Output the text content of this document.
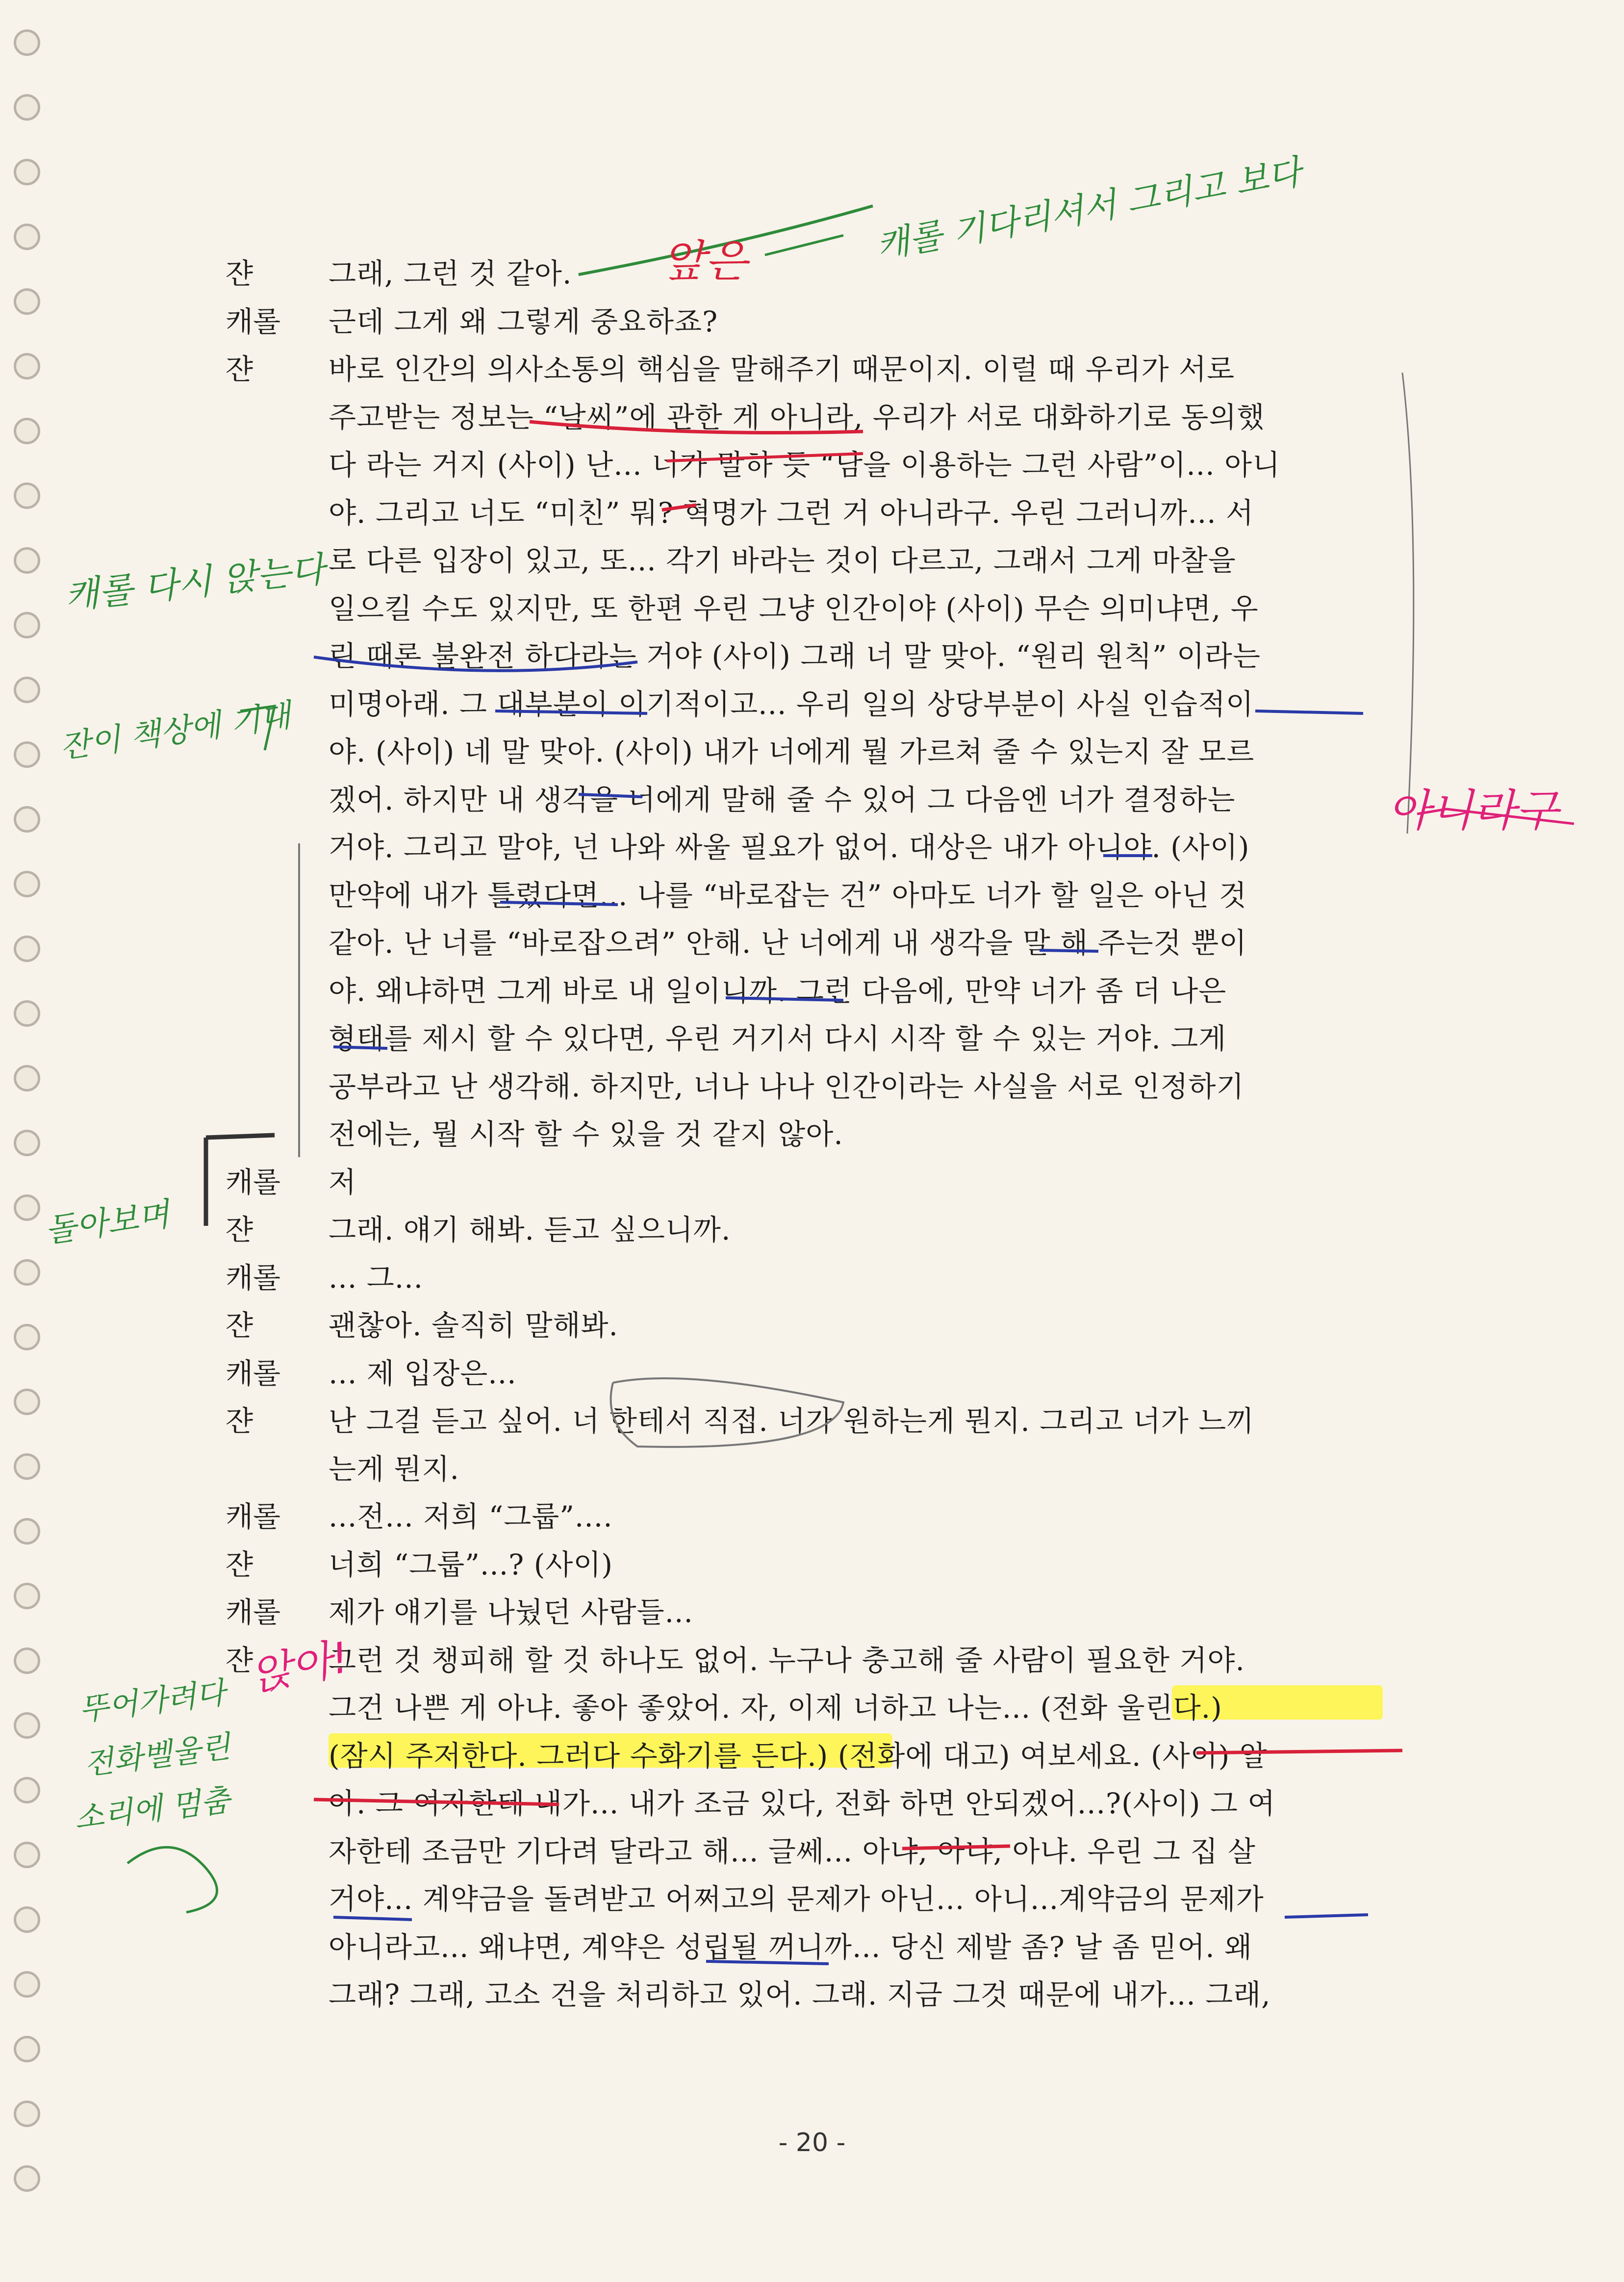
쟌	그래, 그런 것 같아.
캐롤	근데 그게 왜 그렇게 중요하죠?
쟌	바로 인간의 의사소통의 핵심을 말해주기 때문이지. 이럴 때 우리가 서로
주고받는 정보는 “날씨”에 관한 게 아니라, 우리가 서로 대화하기로 동의했
다 라는 거지 (사이) 난... 너가 말하 듯 “남을 이용하는 그런 사람”이... 아니
야. 그리고 너도 “미친” 뭐? 혁명가 그런 거 아니라구. 우린 그러니까... 서
로 다른 입장이 있고, 또... 각기 바라는 것이 다르고, 그래서 그게 마찰을
일으킬 수도 있지만, 또 한편 우린 그냥 인간이야 (사이) 무슨 의미냐면, 우
린 때론 불완전 하다라는 거야 (사이) 그래 너 말 맞아. “원리 원칙” 이라는
미명아래. 그 대부분이 이기적이고... 우리 일의 상당부분이 사실 인습적이
야. (사이) 네 말 맞아. (사이) 내가 너에게 뭘 가르쳐 줄 수 있는지 잘 모르
겠어. 하지만 내 생각을 너에게 말해 줄 수 있어 그 다음엔 너가 결정하는
거야. 그리고 말야, 넌 나와 싸울 필요가 없어. 대상은 내가 아니야. (사이)
만약에 내가 틀렸다면... 나를 “바로잡는 건” 아마도 너가 할 일은 아닌 것
같아. 난 너를 “바로잡으려” 안해. 난 너에게 내 생각을 말 해 주는것 뿐이
야. 왜냐하면 그게 바로 내 일이니까. 그런 다음에, 만약 너가 좀 더 나은
형태를 제시 할 수 있다면, 우린 거기서 다시 시작 할 수 있는 거야. 그게
공부라고 난 생각해. 하지만, 너나 나나 인간이라는 사실을 서로 인정하기
전에는, 뭘 시작 할 수 있을 것 같지 않아.
캐롤	저
쟌	그래. 얘기 해봐. 듣고 싶으니까.
캐롤	... 그...
쟌	괜찮아. 솔직히 말해봐.
캐롤	... 제 입장은...
쟌	난 그걸 듣고 싶어. 너 한테서 직접. 너가 원하는게 뭔지. 그리고 너가 느끼
는게 뭔지.
캐롤	...전... 저희 “그룹”....
쟌	너희 “그룹”...? (사이)
캐롤	제가 얘기를 나눴던 사람들...
쟌	그런 것 챙피해 할 것 하나도 없어. 누구나 충고해 줄 사람이 필요한 거야.
그건 나쁜 게 아냐. 좋아 좋았어. 자, 이제 너하고 나는... (전화 울린다.)
(잠시 주저한다. 그러다 수화기를 든다.) (전화에 대고) 여보세요. (사이) 알
아. 그 여자한테 내가... 내가 조금 있다, 전화 하면 안되겠어...?(사이) 그 여
자한테 조금만 기다려 달라고 해... 글쎄... 아냐, 아냐, 아냐. 우린 그 집 살
거야... 계약금을 돌려받고 어쩌고의 문제가 아닌... 아니...계약금의 문제가
아니라고... 왜냐면, 계약은 성립될 꺼니까... 당신 제발 좀? 날 좀 믿어. 왜
그래? 그래, 고소 건을 처리하고 있어. 그래. 지금 그것 때문에 내가... 그래,
앞은	캐롤 기다리셔서 그리고 보다
캐롤 다시 앉는다
잔이 책상에 기대
아니라구
돌아보며
앉아!
뚜어가려다
전화벨울린
소리에 멈춤
- 20 -
